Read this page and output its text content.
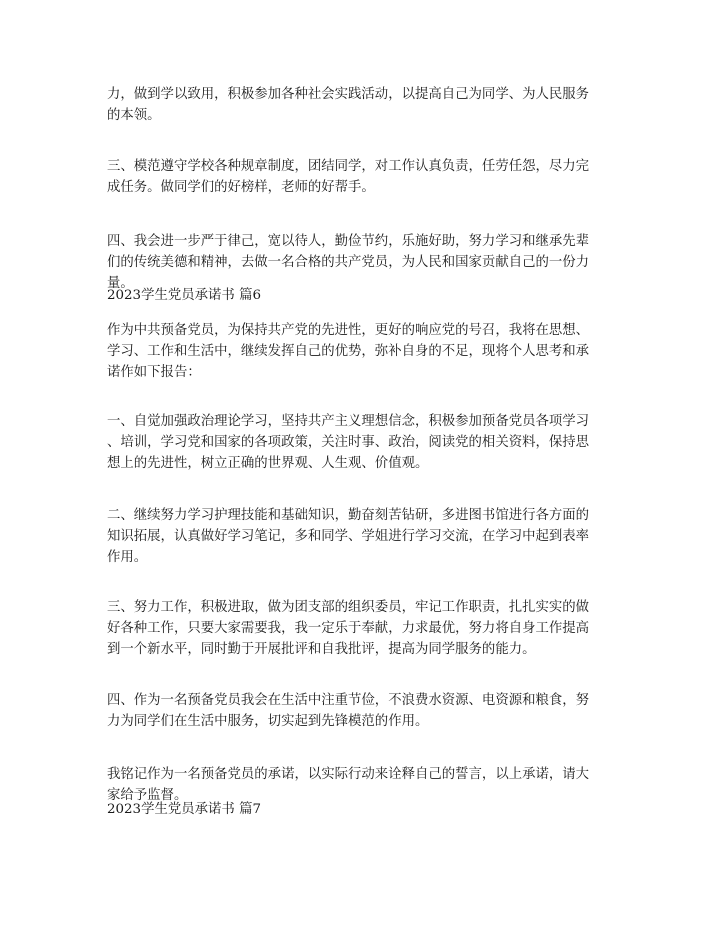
力，做到学以致用，积极参加各种社会实践活动，以提高自己为同学、为人民服务
的本领。
三、模范遵守学校各种规章制度，团结同学，对工作认真负责，任劳任怨，尽力完
成任务。做同学们的好榜样，老师的好帮手。
四、我会进一步严于律己，宽以待人，勤俭节约，乐施好助，努力学习和继承先辈
们的传统美德和精神，去做一名合格的共产党员，为人民和国家贡献自己的一份力
量。
2023学生党员承诺书 篇6
作为中共预备党员，为保持共产党的先进性，更好的响应党的号召，我将在思想、
学习、工作和生活中，继续发挥自己的优势，弥补自身的不足，现将个人思考和承
诺作如下报告：
一、自觉加强政治理论学习，坚持共产主义理想信念，积极参加预备党员各项学习
、培训，学习党和国家的各项政策，关注时事、政治，阅读党的相关资料，保持思
想上的先进性，树立正确的世界观、人生观、价值观。
二、继续努力学习护理技能和基础知识，勤奋刻苦钻研，多进图书馆进行各方面的
知识拓展，认真做好学习笔记，多和同学、学姐进行学习交流，在学习中起到表率
作用。
三、努力工作，积极进取，做为团支部的组织委员，牢记工作职责，扎扎实实的做
好各种工作，只要大家需要我，我一定乐于奉献，力求最优，努力将自身工作提高
到一个新水平，同时勤于开展批评和自我批评，提高为同学服务的能力。
四、作为一名预备党员我会在生活中注重节俭，不浪费水资源、电资源和粮食，努
力为同学们在生活中服务，切实起到先锋模范的作用。
我铭记作为一名预备党员的承诺，以实际行动来诠释自己的誓言，以上承诺，请大
家给予监督。
2023学生党员承诺书 篇7
